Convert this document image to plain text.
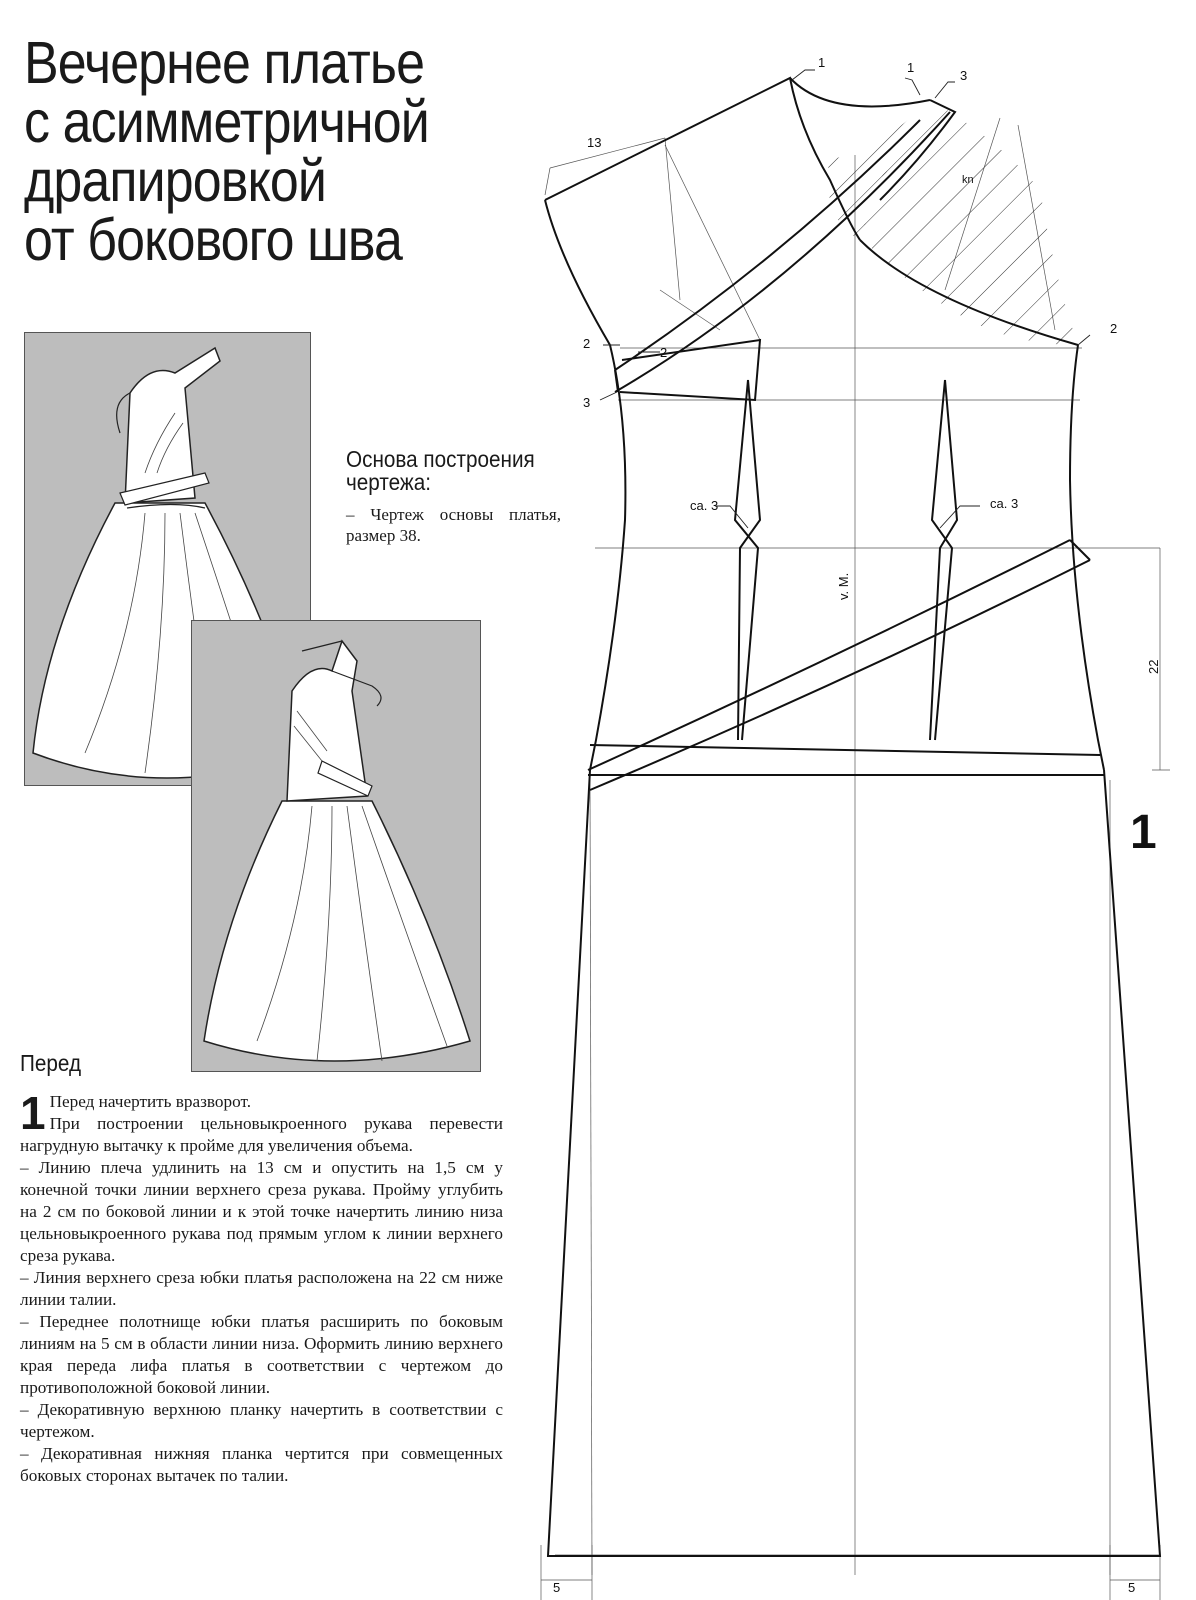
Вечернее платье
с асимметричной
драпировкой
от бокового шва
Основа построения
чертежа:
– Чертеж основы платья, размер 38.
Перед
1 Перед начертить вразворот.

При построении цельновыкроенного рукава перевести нагрудную вытачку к пройме для увеличения объема.

– Линию плеча удлинить на 13 см и опустить на 1,5 см у конечной точки линии верхнего среза рукава. Пройму углубить на 2 см по боковой линии и к этой точке начертить линию низа цельновыкроенного рукава под прямым углом к линии верхнего среза рукава.

– Линия верхнего среза юбки платья расположена на 22 см ниже линии талии.

– Переднее полотнище юбки платья расширить по боковым линиям на 5 см в области линии низа. Оформить линию верхнего края переда лифа платья в соответствии с чертежом до противоположной боковой линии.

– Декоративную верхнюю планку начертить в соответствии с чертежом.

– Декоративная нижняя планка чертится при совмещенных боковых сторонах вытачек по талии.

13
1	1
3
kn
2
2
3
2
ca. 3	ca. 3
v. M.
22
5	5
1
